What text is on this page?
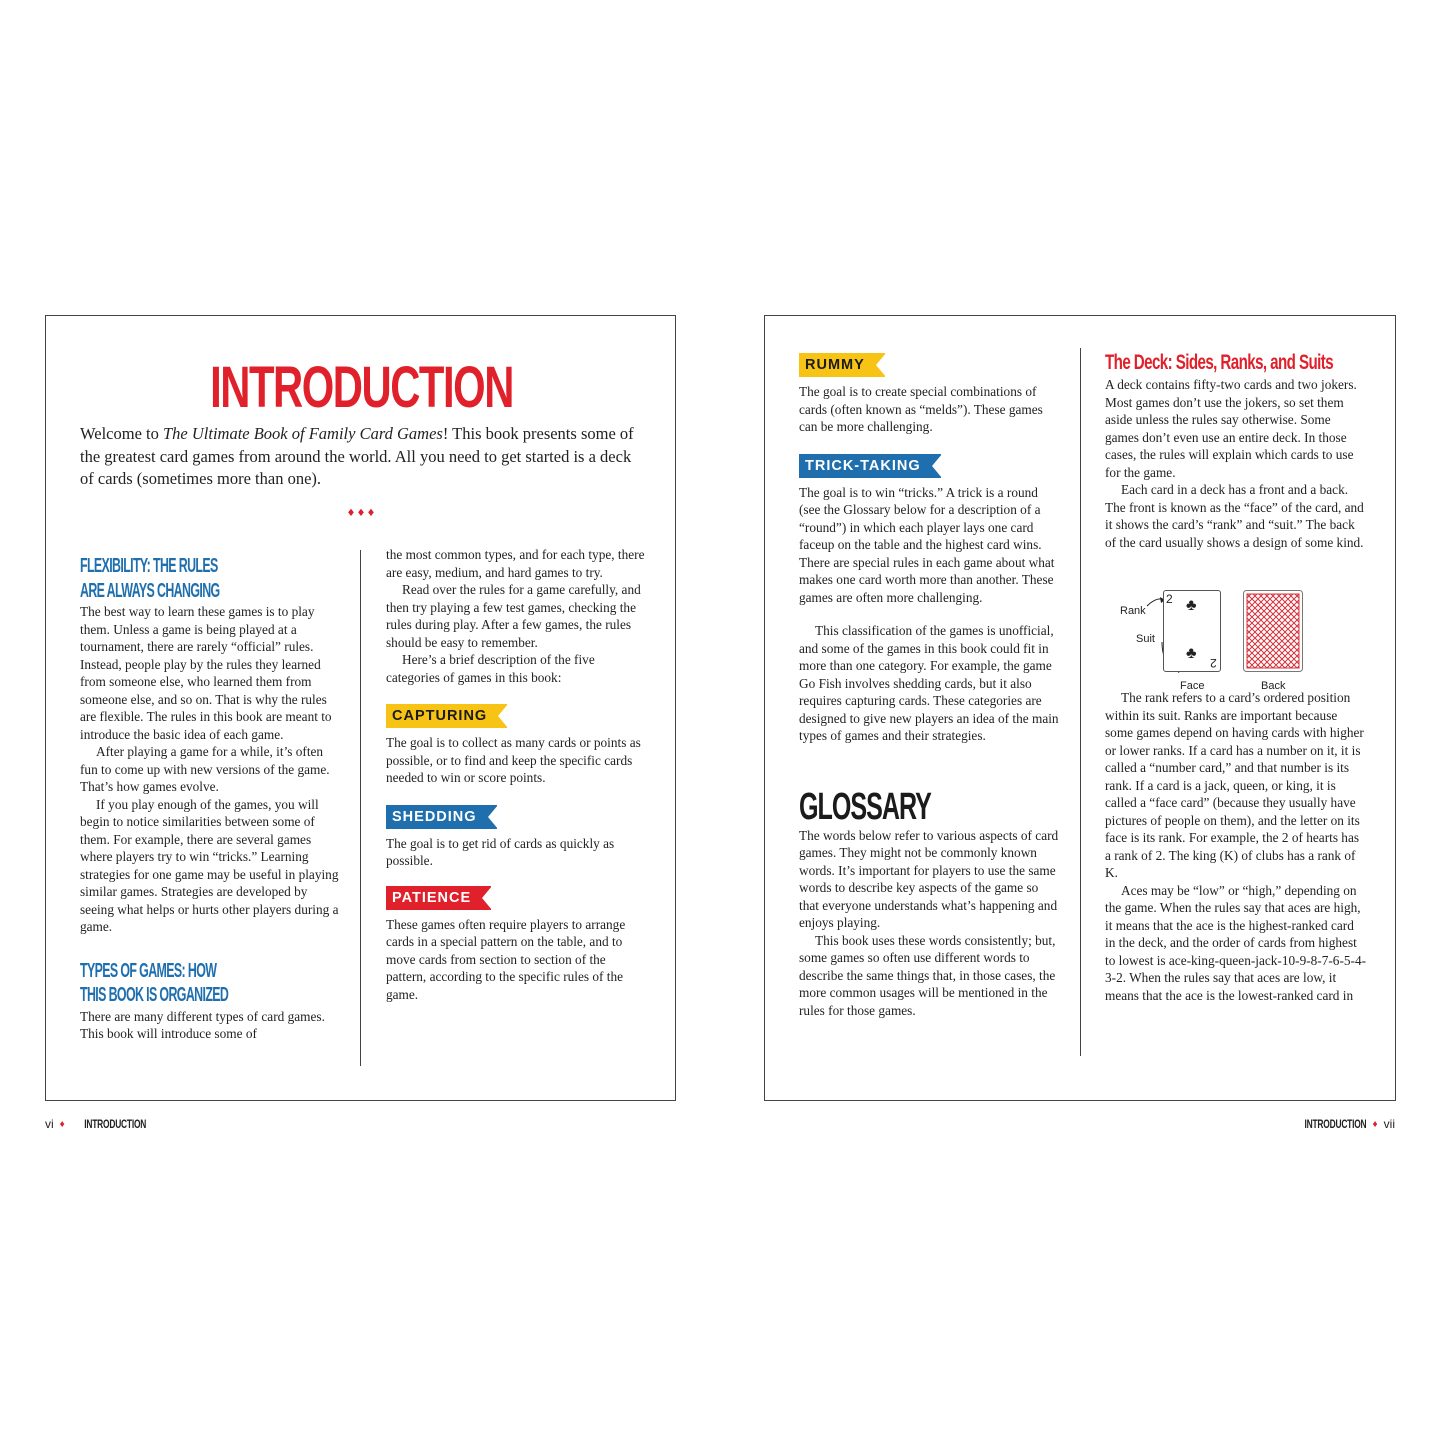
INTRODUCTION
Welcome to The Ultimate Book of Family Card Games! This book presents some of the greatest card games from around the world. All you need to get started is a deck of cards (sometimes more than one).
♦♦♦
FLEXIBILITY: THE RULES
ARE ALWAYS CHANGING

The best way to learn these games is to play them. Unless a game is being played at a tournament, there are rarely “official” rules. Instead, people play by the rules they learned from someone else, who learned them from someone else, and so on. That is why the rules are flexible. The rules in this book are meant to introduce the basic idea of each game.

After playing a game for a while, it’s often fun to come up with new versions of the game. That’s how games evolve.

If you play enough of the games, you will begin to notice similarities between some of them. For example, there are several games where players try to win “tricks.” Learning strategies for one game may be useful in playing similar games. Strategies are developed by seeing what helps or hurts other players during a game.

TYPES OF GAMES: HOW
THIS BOOK IS ORGANIZED

There are many different types of card games. This book will introduce some of

the most common types, and for each type, there are easy, medium, and hard games to try.

Read over the rules for a game carefully, and then try playing a few test games, checking the rules during play. After a few games, the rules should be easy to remember.

Here’s a brief description of the five categories of games in this book:

CAPTURING

The goal is to collect as many cards or points as possible, or to find and keep the specific cards needed to win or score points.

SHEDDING

The goal is to get rid of cards as quickly as possible.

PATIENCE

These games often require players to arrange cards in a special pattern on the table, and to move cards from section to section of the pattern, according to the specific rules of the game.

vi ♦ INTRODUCTION
RUMMY

The goal is to create special combinations of cards (often known as “melds”). These games can be more challenging.

TRICK-TAKING

The goal is to win “tricks.” A trick is a round (see the Glossary below for a description of a “round”) in which each player lays one card faceup on the table and the highest card wins. There are special rules in each game about what makes one card worth more than another. These games are often more challenging.

This classification of the games is unofficial, and some of the games in this book could fit in more than one category. For example, the game Go Fish involves shedding cards, but it also requires capturing cards. These categories are designed to give new players an idea of the main types of games and their strategies.

GLOSSARY

The words below refer to various aspects of card games. They might not be commonly known words. It’s important for players to use the same words to describe key aspects of the game so that everyone understands what’s happening and enjoys playing.

This book uses these words consistently; but, some games so often use different words to describe the same things that, in those cases, the more common usages will be mentioned in the rules for those games.

The Deck: Sides, Ranks, and Suits

A deck contains fifty-two cards and two jokers. Most games don’t use the jokers, so set them aside unless the rules say otherwise. Some games don’t even use an entire deck. In those cases, the rules will explain which cards to use for the game.

Each card in a deck has a front and a back. The front is known as the “face” of the card, and it shows the card’s “rank” and “suit.” The back of the card usually shows a design of some kind.

The rank refers to a card’s ordered position within its suit. Ranks are important because some games depend on having cards with higher or lower ranks. If a card has a number on it, it is called a “number card,” and that number is its rank. If a card is a jack, queen, or king, it is called a “face card” (because they usually have pictures of people on them), and the letter on its face is its rank. For example, the 2 of hearts has a rank of 2. The king (K) of clubs has a rank of K.

Aces may be “low” or “high,” depending on the game. When the rules say that aces are high, it means that the ace is the highest-ranked card in the deck, and the order of cards from highest to lowest is ace-king-queen-jack-10-9-8-7-6-5-4-3-2. When the rules say that aces are low, it means that the ace is the lowest-ranked card in

Rank
Suit
2 ♣
♣
2
Face	Back
INTRODUCTION ♦ vii
